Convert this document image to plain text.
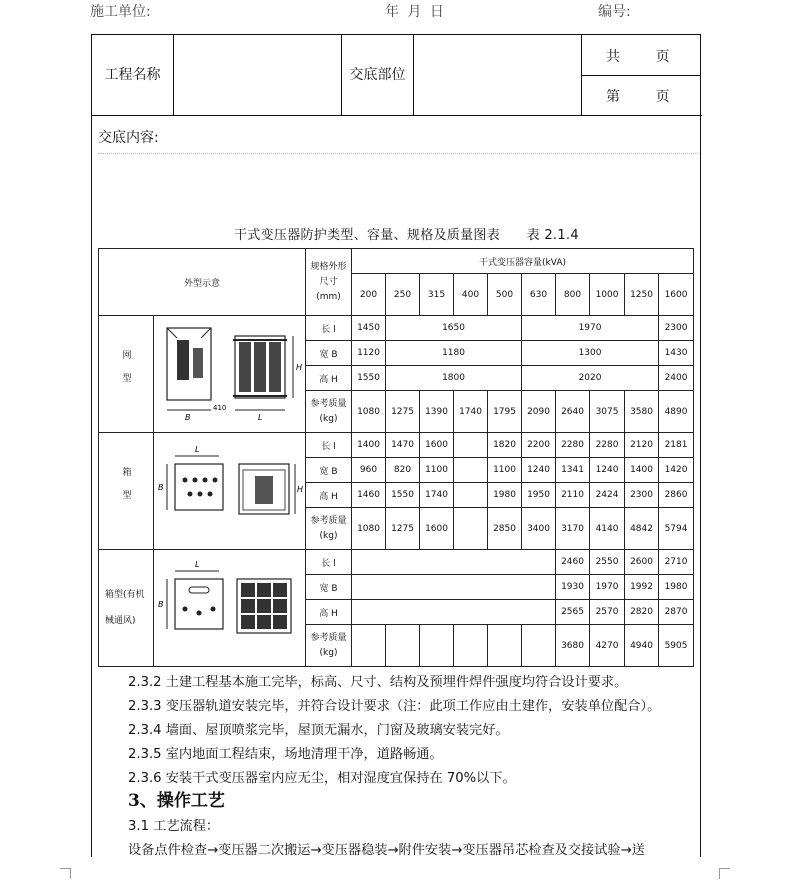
施工单位:	年 月 日	编号:
工程名称	交底部位
共        页
第        页
交底内容:
干式变压器防护类型、容量、规格及质量图表      表 2.1.4
外型示意		规格外形尺寸(mm)	干式变压器容量(kVA)									
			200	250	315	400	500	630	800	1000	1250	1600
网型	B
H
L
410	长 l	1450	1650				1970				2300
		宽 B	1120	1180				1300				1430
		高 H	1550	1800				2020				2400
		参考质量(kg)	1080	1275	1390	1740	1795	2090	2640	3075	3580	4890
箱型	L
B H	长 l	1400	1470	1600		1820	2200	2280	2280	2120	2181
		宽 B	960	820	1100		1100	1240	1341	1240	1400	1420
		高 H	1460	1550	1740		1980	1950	2110	2424	2300	2860
		参考质量(kg)	1080	1275	1600		2850	3400	3170	4140	4842	5794
箱型(有机械通风)	L
B	长 l							2460	2550	2600	2710
		宽 B							1930	1970	1992	1980
		高 H							2565	2570	2820	2870
		参考质量(kg)							3680	4270	4940	5905
2.3.2 土建工程基本施工完毕，标高、尺寸、结构及预埋件焊件强度均符合设计要求。
2.3.3 变压器轨道安装完毕，并符合设计要求（注：此项工作应由土建作，安装单位配合）。
2.3.4 墙面、屋顶喷浆完毕，屋顶无漏水，门窗及玻璃安装完好。
2.3.5 室内地面工程结束，场地清理干净，道路畅通。
2.3.6 安装干式变压器室内应无尘，相对湿度宜保持在 70%以下。
3、操作工艺
3.1 工艺流程：
设备点件检查→变压器二次搬运→变压器稳装→附件安装→变压器吊芯检查及交接试验→送
